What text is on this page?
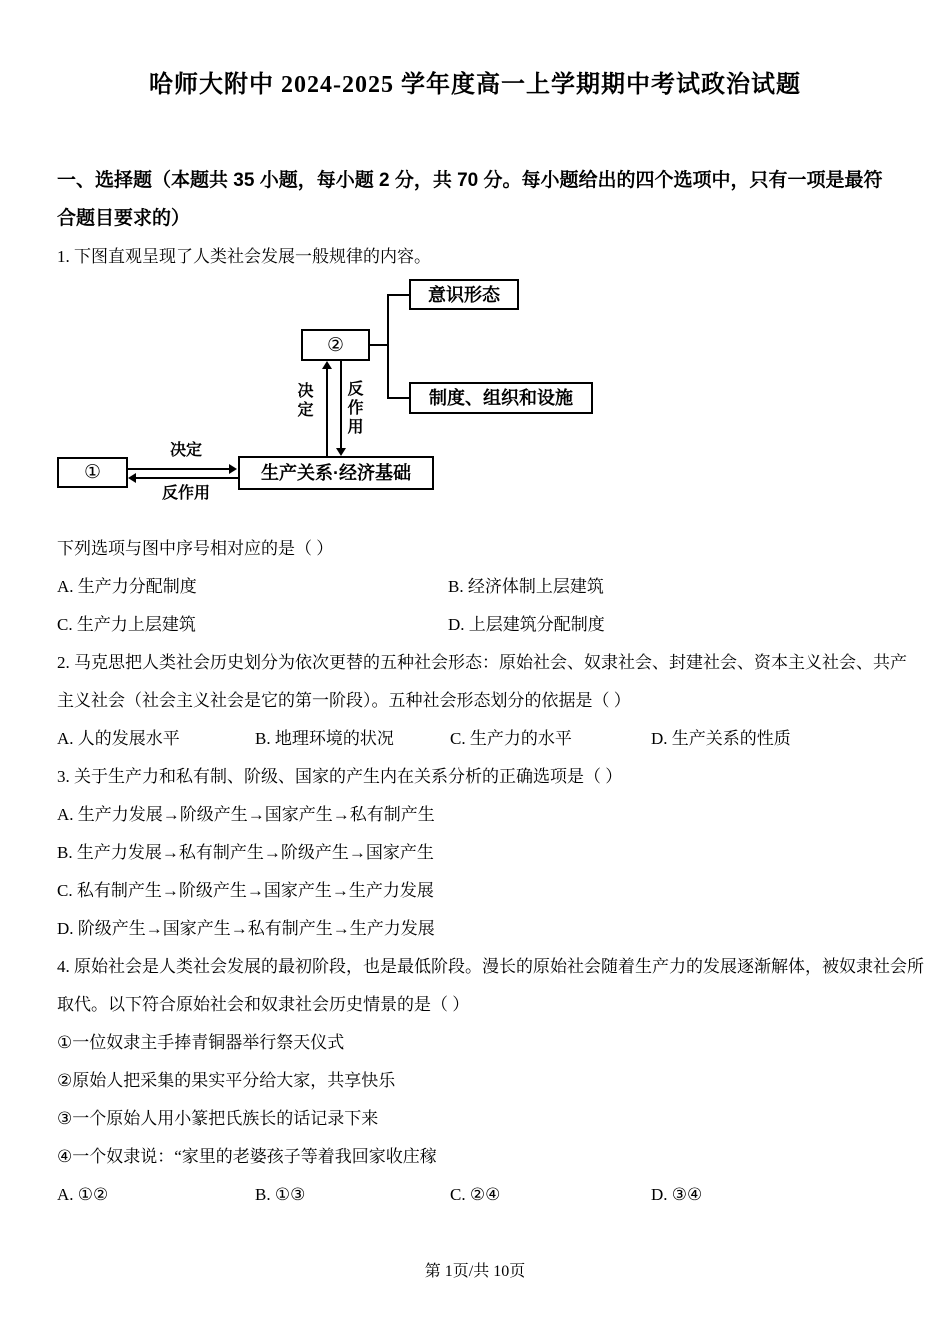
哈师大附中 2024-2025 学年度高一上学期期中考试政治试题
一、选择题（本题共 35 小题，每小题 2 分，共 70 分。每小题给出的四个选项中，只有一项是最符
合题目要求的）
1. 下图直观呈现了人类社会发展一般规律的内容。
意识形态
②
制度、组织和设施
①	生产关系·经济基础
决定 反作用
决定
反作用
下列选项与图中序号相对应的是（ ）
A. 生产力分配制度	B. 经济体制上层建筑
C. 生产力上层建筑	D. 上层建筑分配制度
2. 马克思把人类社会历史划分为依次更替的五种社会形态：原始社会、奴隶社会、封建社会、资本主义社会、共产
主义社会（社会主义社会是它的第一阶段）。五种社会形态划分的依据是（ ）
A. 人的发展水平	B. 地理环境的状况	C. 生产力的水平	D. 生产关系的性质
3. 关于生产力和私有制、阶级、国家的产生内在关系分析的正确选项是（ ）
A. 生产力发展→阶级产生→国家产生→私有制产生
B. 生产力发展→私有制产生→阶级产生→国家产生
C. 私有制产生→阶级产生→国家产生→生产力发展
D. 阶级产生→国家产生→私有制产生→生产力发展
4. 原始社会是人类社会发展的最初阶段，也是最低阶段。漫长的原始社会随着生产力的发展逐渐解体，被奴隶社会所
取代。以下符合原始社会和奴隶社会历史情景的是（ ）
①一位奴隶主手捧青铜器举行祭天仪式
②原始人把采集的果实平分给大家，共享快乐
③一个原始人用小篆把氏族长的话记录下来
④一个奴隶说：“家里的老婆孩子等着我回家收庄稼
A. ①②	B. ①③	C. ②④	D. ③④
第 1页/共 10页
